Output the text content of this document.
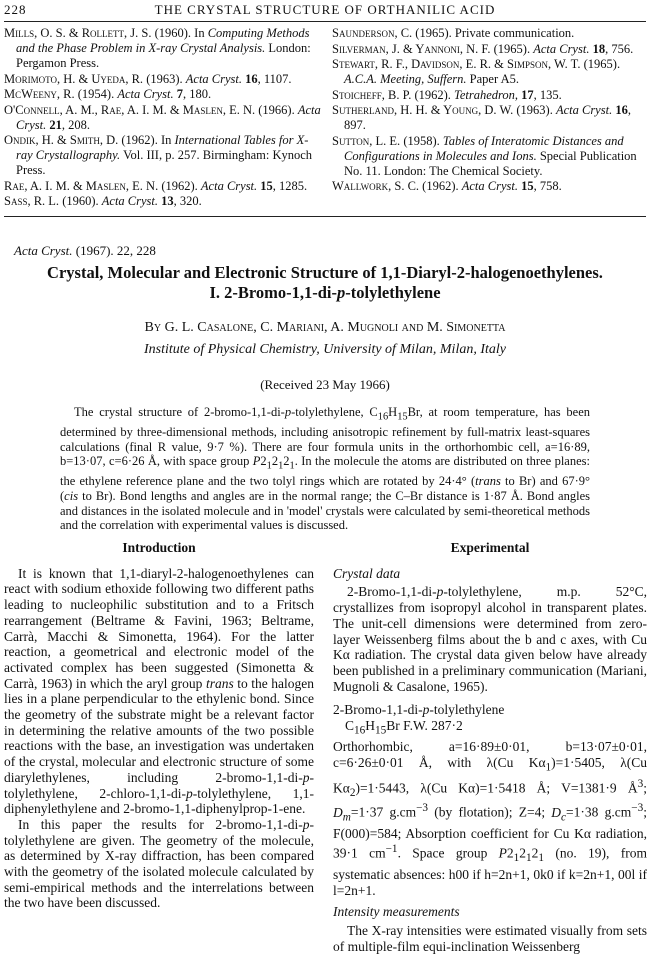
228	THE CRYSTAL STRUCTURE OF ORTHANILIC ACID
Mills, O. S. & Rollett, J. S. (1960). In Computing Methods and the Phase Problem in X-ray Crystal Analysis. London: Pergamon Press.
Morimoto, H. & Uyeda, R. (1963). Acta Cryst. 16, 1107.
McWeeny, R. (1954). Acta Cryst. 7, 180.
O'Connell, A. M., Rae, A. I. M. & Maslen, E. N. (1966). Acta Cryst. 21, 208.
Ondik, H. & Smith, D. (1962). In International Tables for X-ray Crystallography. Vol. III, p. 257. Birmingham: Kynoch Press.
Rae, A. I. M. & Maslen, E. N. (1962). Acta Cryst. 15, 1285.
Sass, R. L. (1960). Acta Cryst. 13, 320.
Saunderson, C. (1965). Private communication.
Silverman, J. & Yannoni, N. F. (1965). Acta Cryst. 18, 756.
Stewart, R. F., Davidson, E. R. & Simpson, W. T. (1965). A.C.A. Meeting, Suffern. Paper A5.
Stoicheff, B. P. (1962). Tetrahedron, 17, 135.
Sutherland, H. H. & Young, D. W. (1963). Acta Cryst. 16, 897.
Sutton, L. E. (1958). Tables of Interatomic Distances and Configurations in Molecules and Ions. Special Publication No. 11. London: The Chemical Society.
Wallwork, S. C. (1962). Acta Cryst. 15, 758.
Acta Cryst. (1967). 22, 228
Crystal, Molecular and Electronic Structure of 1,1-Diaryl-2-halogenoethylenes.
I. 2-Bromo-1,1-di-p-tolylethylene
By G. L. Casalone, C. Mariani, A. Mugnoli and M. Simonetta
Institute of Physical Chemistry, University of Milan, Milan, Italy
(Received 23 May 1966)
The crystal structure of 2-bromo-1,1-di-p-tolylethylene, $C_{16}H_{15}Br$, at room temperature, has been determined by three-dimensional methods, including anisotropic refinement by full-matrix least-squares calculations (final R value, 9·7 %). There are four formula units in the orthorhombic cell, a=16·89, b=13·07, c=6·26 Å, with space group $P2_12_12_1$. In the molecule the atoms are distributed on three planes: the ethylene reference plane and the two tolyl rings which are rotated by 24·4° (trans to Br) and 67·9° (cis to Br). Bond lengths and angles are in the normal range; the C–Br distance is 1·87 Å. Bond angles and distances in the isolated molecule and in 'model' crystals were calculated by semi-theoretical methods and the correlation with experimental values is discussed.
Introduction

It is known that 1,1-diaryl-2-halogenoethylenes can react with sodium ethoxide following two different paths leading to nucleophilic substitution and to a Fritsch rearrangement (Beltrame & Favini, 1963; Beltrame, Carrà, Macchi & Simonetta, 1964). For the latter reaction, a geometrical and electronic model of the activated complex has been suggested (Simonetta & Carrà, 1963) in which the aryl group trans to the halogen lies in a plane perpendicular to the ethylenic bond. Since the geometry of the substrate might be a relevant factor in determining the relative amounts of the two possible reactions with the base, an investigation was undertaken of the crystal, molecular and electronic structure of some diarylethylenes, including 2-bromo-1,1-di-p-tolylethylene, 2-chloro-1,1-di-p-tolylethylene, 1,1-diphenylethylene and 2-bromo-1,1-diphenylprop-1-ene.

In this paper the results for 2-bromo-1,1-di-p-tolylethylene are given. The geometry of the molecule, as determined by X-ray diffraction, has been compared with the geometry of the isolated molecule calculated by semi-empirical methods and the interrelations between the two have been discussed.

Experimental
Crystal data

2-Bromo-1,1-di-p-tolylethylene, m.p. 52°C, crystallizes from isopropyl alcohol in transparent plates. The unit-cell dimensions were determined from zero-layer Weissenberg films about the b and c axes, with Cu Kα radiation. The crystal data given below have already been published in a preliminary communication (Mariani, Mugnoli & Casalone, 1965).

2-Bromo-1,1-di-p-tolylethylene
$C_{16}H_{15}Br$ F.W. 287·2
Orthorhombic, a=16·89±0·01, b=13·07±0·01, c=6·26±0·01 Å, with λ(Cu $K\alpha_1)=1\cdot 5405$, λ(Cu $K\alpha_2)=1\cdot 5443$, λ(Cu Kα)=1·5418 Å; V=1381·9 $Å^3$; $D_m=1\cdot 37$ $g.cm^{-3}$ (by flotation); Z=4; $D_c=1\cdot 38$ $g.cm^{-3}$; F(000)=584; Absorption coefficient for Cu Kα radiation, 39·1 $cm^{-1}$. Space group $P2_12_12_1$ (no. 19), from systematic absences: h00 if h=2n+1, 0k0 if k=2n+1, 00l if l=2n+1.
Intensity measurements

The X-ray intensities were estimated visually from sets of multiple-film equi-inclination Weissenberg
